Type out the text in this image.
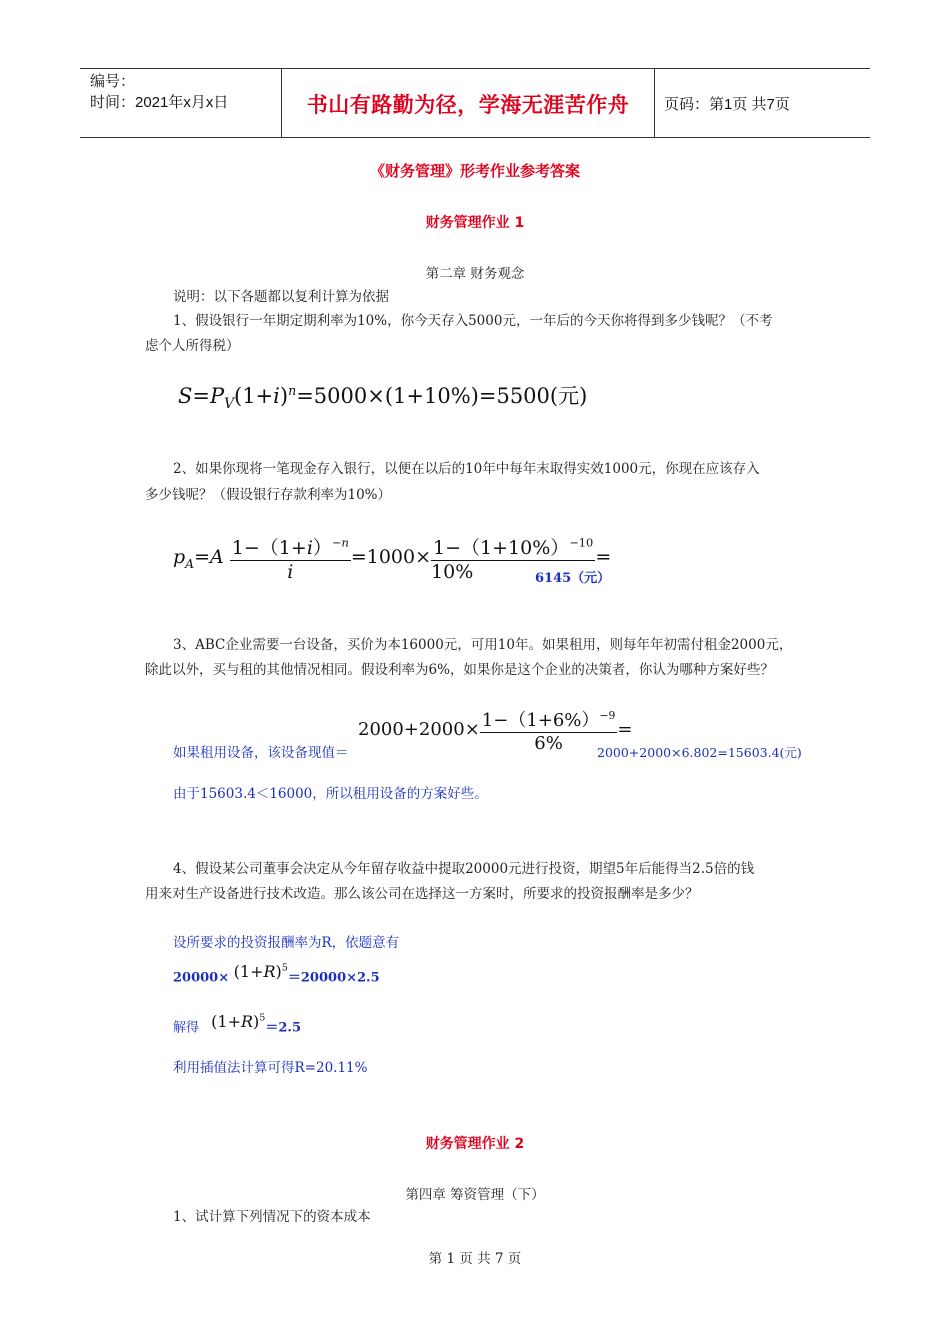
编号：
时间：2021年x月x日	书山有路勤为径，学海无涯苦作舟	页码：第1页 共7页
《财务管理》形考作业参考答案
财务管理作业 1
第二章 财务观念
说明：以下各题都以复利计算为依据
1、假设银行一年期定期利率为10%，你今天存入5000元，一年后的今天你将得到多少钱呢？（不考
虑个人所得税）
$S=P_V(1+i)^n=5000\times(1+10\%)=5500$(元)
2、如果你现将一笔现金存入银行，以便在以后的10年中每年末取得实效1000元，你现在应该存入
多少钱呢？（假设银行存款利率为10%）
$p_A=A \frac{1-(1+i)^{-n}}{i} =1000\times \frac{1-(1+10\%)^{-10}}{10\%}$ =
6145（元）
3、ABC企业需要一台设备，买价为本16000元，可用10年。如果租用，则每年年初需付租金2000元，
除此以外，买与租的其他情况相同。假设利率为6%，如果你是这个企业的决策者，你认为哪种方案好些？
$2000+2000\times \frac{1-(1+6\%)^{-9}}{6\%}$ =
如果租用设备，该设备现值＝	2000+2000×6.802=15603.4(元)
由于15603.4＜16000，所以租用设备的方案好些。
4、假设某公司董事会决定从今年留存收益中提取20000元进行投资，期望5年后能得当2.5倍的钱
用来对生产设备进行技术改造。那么该公司在选择这一方案时，所要求的投资报酬率是多少？
设所要求的投资报酬率为R，依题意有
$20000\times (1+R)^5=20000\times 2.5$
解得 $(1+R)^5=2.5$
利用插值法计算可得R=20.11%
财务管理作业 2
第四章 筹资管理（下）
1、试计算下列情况下的资本成本
第 1 页 共 7 页
